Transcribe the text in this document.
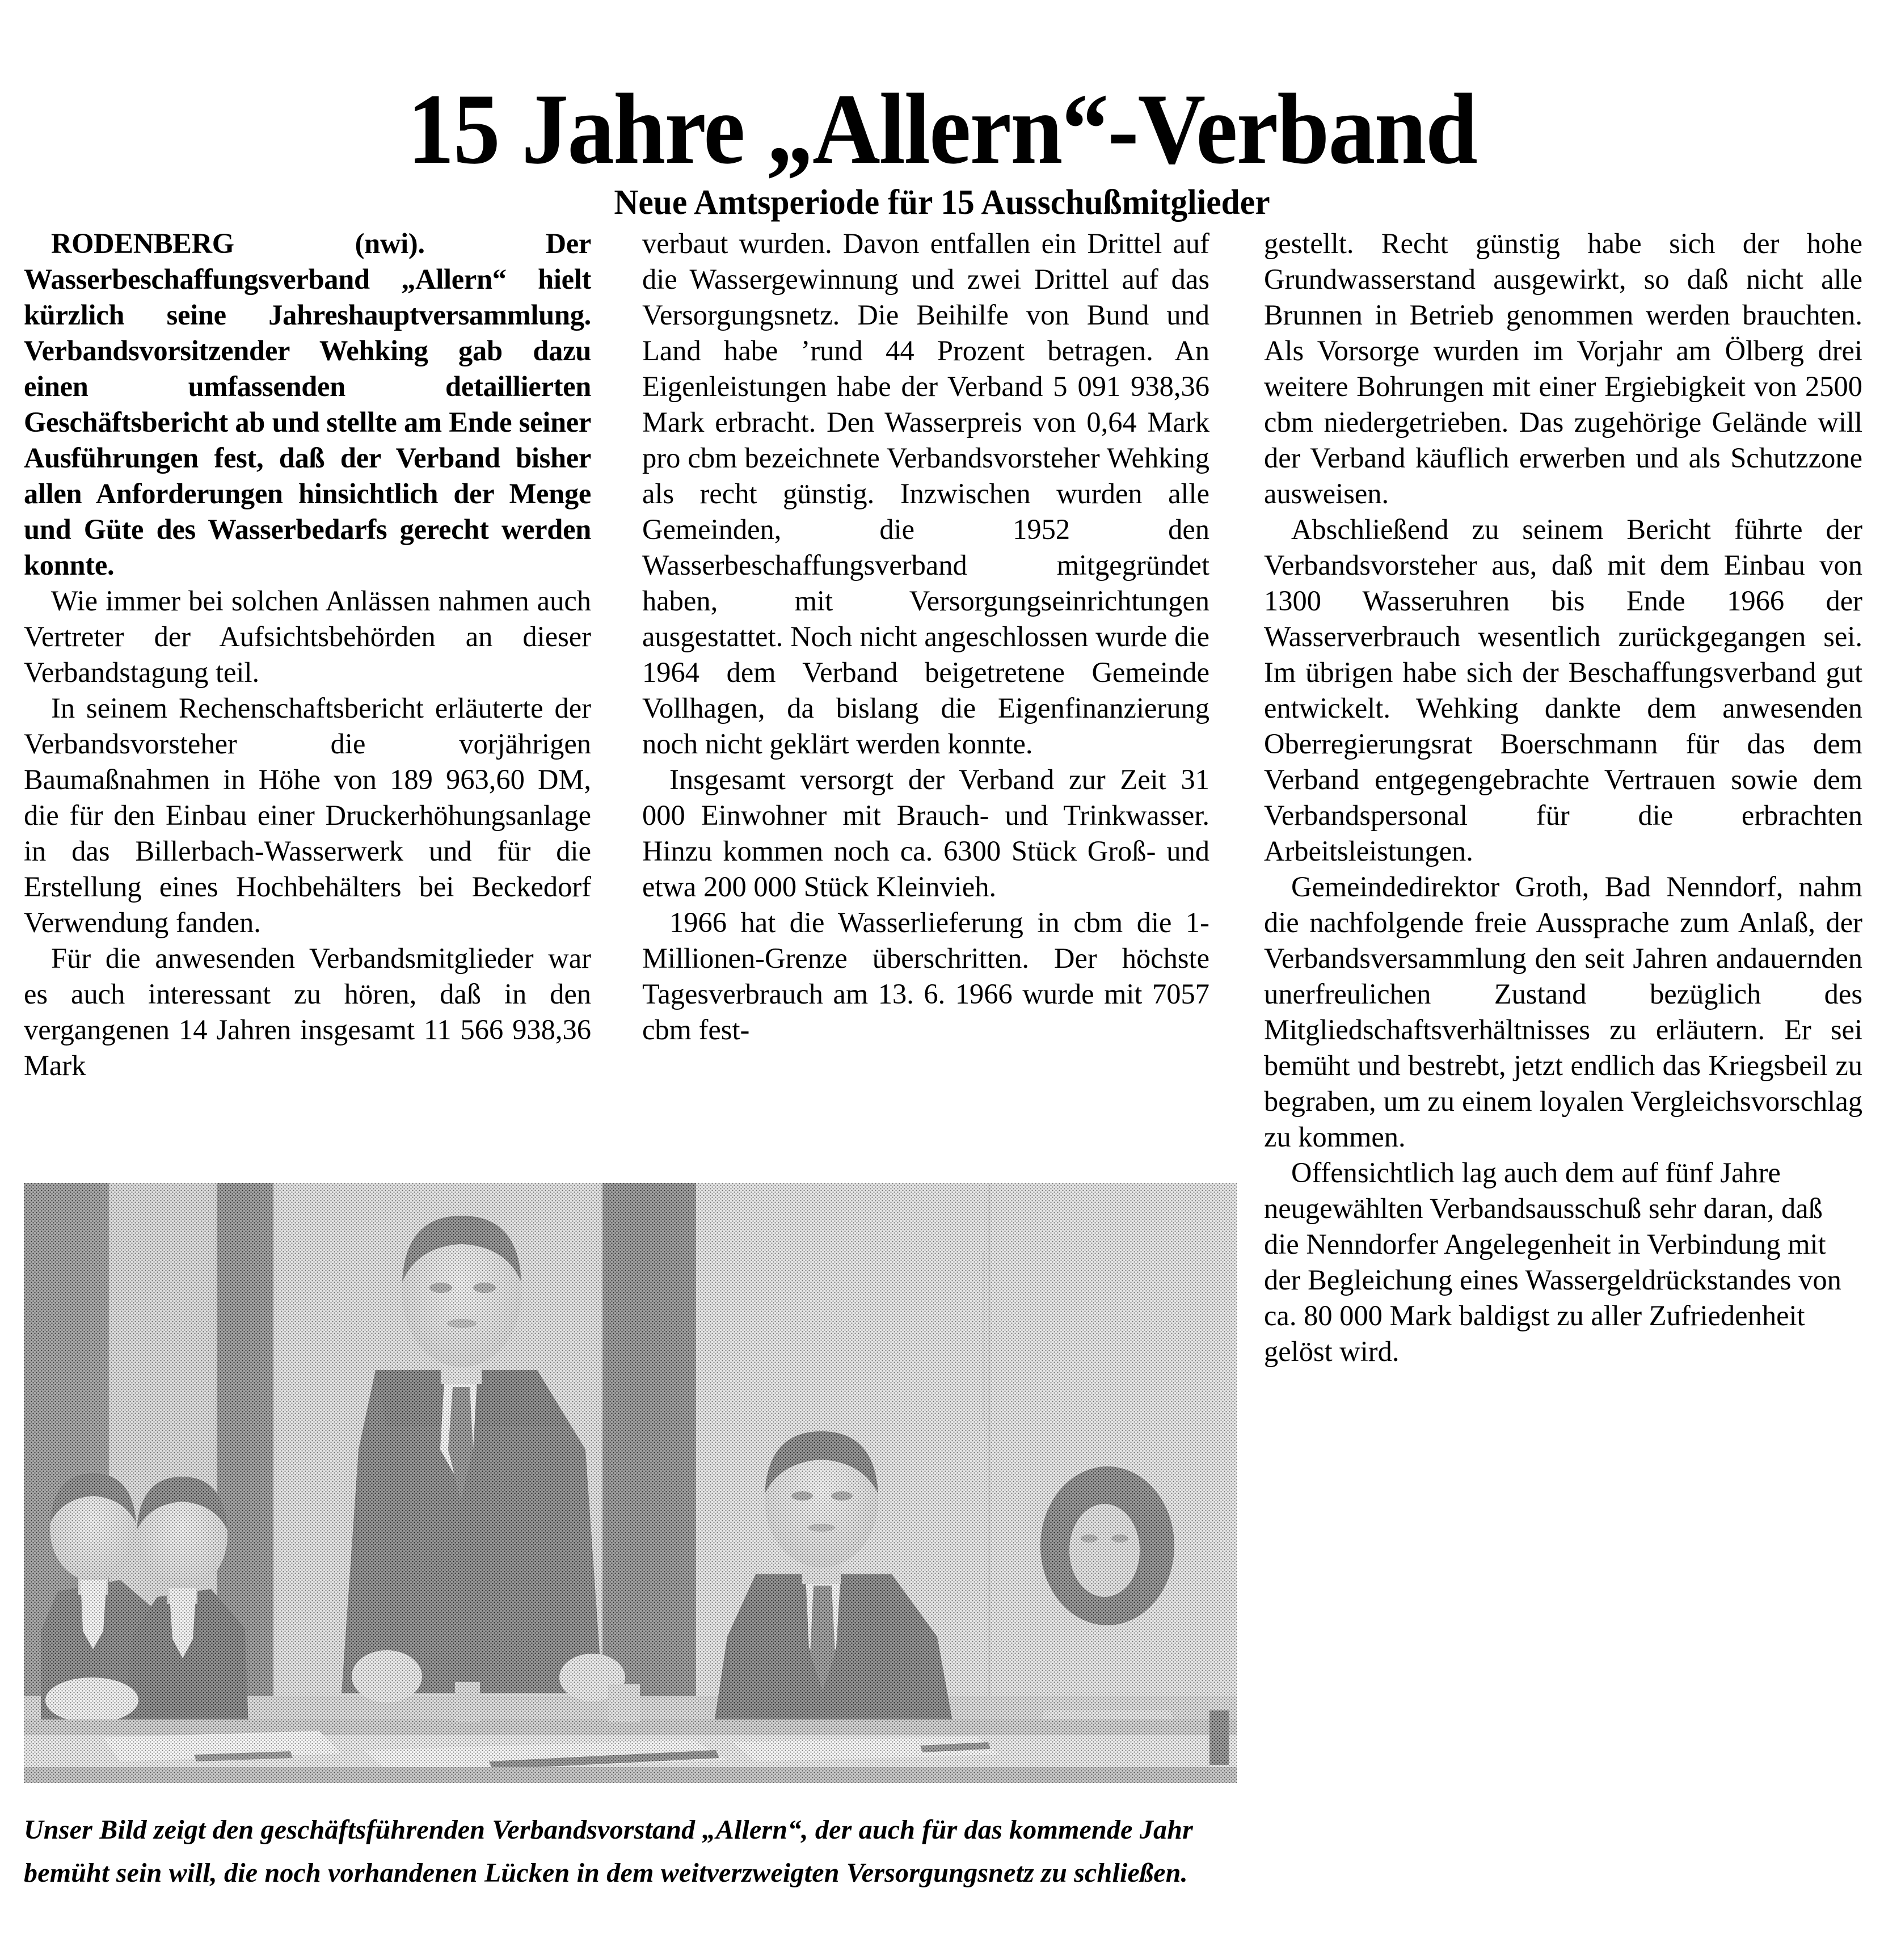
15 Jahre „Allern“-Verband
Neue Amtsperiode für 15 Ausschußmitglieder

RODENBERG (nwi). Der Wasserbeschaffungsverband „Allern“ hielt kürzlich seine Jahreshauptversammlung. Verbandsvorsitzender Wehking gab dazu einen umfassenden detaillierten Geschäftsbericht ab und stellte am Ende seiner Ausführungen fest, daß der Verband bisher allen Anforderungen hinsichtlich der Menge und Güte des Wasserbedarfs gerecht werden konnte.

Wie immer bei solchen Anlässen nahmen auch Vertreter der Aufsichtsbehörden an dieser Verbandstagung teil.

In seinem Rechenschaftsbericht erläuterte der Verbandsvorsteher die vorjährigen Baumaßnahmen in Höhe von 189 963,60 DM, die für den Einbau einer Druckerhöhungsanlage in das Billerbach-Wasserwerk und für die Erstellung eines Hochbehälters bei Beckedorf Verwendung fanden.

Für die anwesenden Verbandsmitglieder war es auch interessant zu hören, daß in den vergangenen 14 Jahren insgesamt 11 566 938,36 Mark

verbaut wurden. Davon entfallen ein Drittel auf die Wassergewinnung und zwei Drittel auf das Versorgungsnetz. Die Beihilfe von Bund und Land habe ’rund 44 Prozent betragen. An Eigenleistungen habe der Verband 5 091 938,36 Mark erbracht. Den Wasserpreis von 0,64 Mark pro cbm bezeichnete Verbandsvorsteher Wehking als recht günstig. Inzwischen wurden alle Gemeinden, die 1952 den Wasserbeschaffungsverband mitgegründet haben, mit Versorgungseinrichtungen ausgestattet. Noch nicht angeschlossen wurde die 1964 dem Verband beigetretene Gemeinde Vollhagen, da bislang die Eigenfinanzierung noch nicht geklärt werden konnte.

Insgesamt versorgt der Verband zur Zeit 31 000 Einwohner mit Brauch- und Trinkwasser. Hinzu kommen noch ca. 6300 Stück Groß- und etwa 200 000 Stück Kleinvieh.

1966 hat die Wasserlieferung in cbm die 1-Millionen-Grenze überschritten. Der höchste Tagesverbrauch am 13. 6. 1966 wurde mit 7057 cbm fest-

gestellt. Recht günstig habe sich der hohe Grundwasserstand ausgewirkt, so daß nicht alle Brunnen in Betrieb genommen werden brauchten. Als Vorsorge wurden im Vorjahr am Ölberg drei weitere Bohrungen mit einer Ergiebigkeit von 2500 cbm niedergetrieben. Das zugehörige Gelände will der Verband käuflich erwerben und als Schutzzone ausweisen.

Abschließend zu seinem Bericht führte der Verbandsvorsteher aus, daß mit dem Einbau von 1300 Wasseruhren bis Ende 1966 der Wasserverbrauch wesentlich zurückgegangen sei. Im übrigen habe sich der Beschaffungsverband gut entwickelt. Wehking dankte dem anwesenden Oberregierungsrat Boerschmann für das dem Verband entgegengebrachte Vertrauen sowie dem Verbandspersonal für die erbrachten Arbeitsleistungen.

Gemeindedirektor Groth, Bad Nenndorf, nahm die nachfolgende freie Aussprache zum Anlaß, der Verbandsversammlung den seit Jahren andauernden unerfreulichen Zustand bezüglich des Mitgliedschaftsverhältnisses zu erläutern. Er sei bemüht und bestrebt, jetzt endlich das Kriegsbeil zu begraben, um zu einem loyalen Vergleichsvorschlag zu kommen.

Offensichtlich lag auch dem auf fünf Jahre neugewählten Verbandsausschuß sehr daran, daß die Nenndorfer Angelegenheit in Verbindung mit der Begleichung eines Wassergeldrückstandes von ca. 80 000 Mark baldigst zu aller Zufriedenheit gelöst wird.

Unser Bild zeigt den geschäftsführenden Verbandsvorstand „Allern“, der auch für das kommende Jahr bemüht sein will, die noch vorhandenen Lücken in dem weitverzweigten Versorgungsnetz zu schließen.
